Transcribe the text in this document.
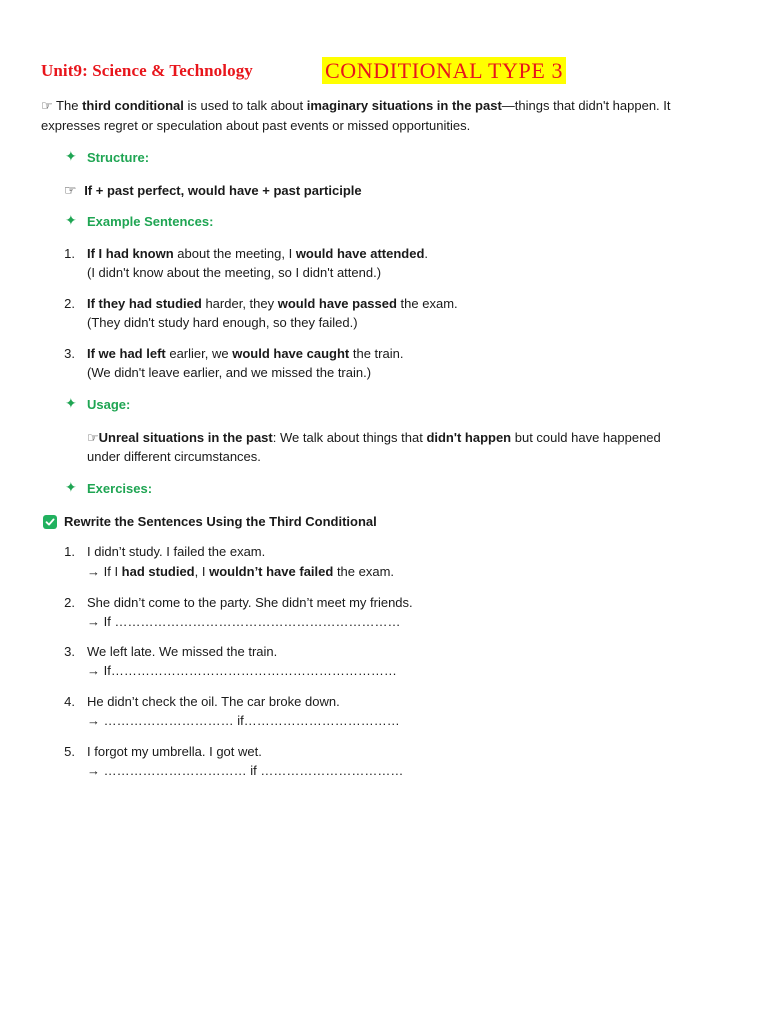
Unit9: Science & Technology	CONDITIONAL TYPE 3
☞ The third conditional is used to talk about imaginary situations in the past—things that didn't happen. It
expresses regret or speculation about past events or missed opportunities.
✦ Structure:
☞ If + past perfect, would have + past participle
✦ Example Sentences:
1. If I had known about the meeting, I would have attended.
(I didn't know about the meeting, so I didn't attend.)
2. If they had studied harder, they would have passed the exam.
(They didn't study hard enough, so they failed.)
3. If we had left earlier, we would have caught the train.
(We didn't leave earlier, and we missed the train.)
✦ Usage:
☞Unreal situations in the past: We talk about things that didn't happen but could have happened
under different circumstances.
✦ Exercises:
Rewrite the Sentences Using the Third Conditional
1. I didn’t study. I failed the exam.
→ If I had studied, I wouldn’t have failed the exam.
2. She didn’t come to the party. She didn’t meet my friends.
→ If …………………………………………………………
3. We left late. We missed the train.
→ If…………………………………………………………
4. He didn’t check the oil. The car broke down.
→ ………………………… if………………………………
5. I forgot my umbrella. I got wet.
→ …………………………… if ……………………………
